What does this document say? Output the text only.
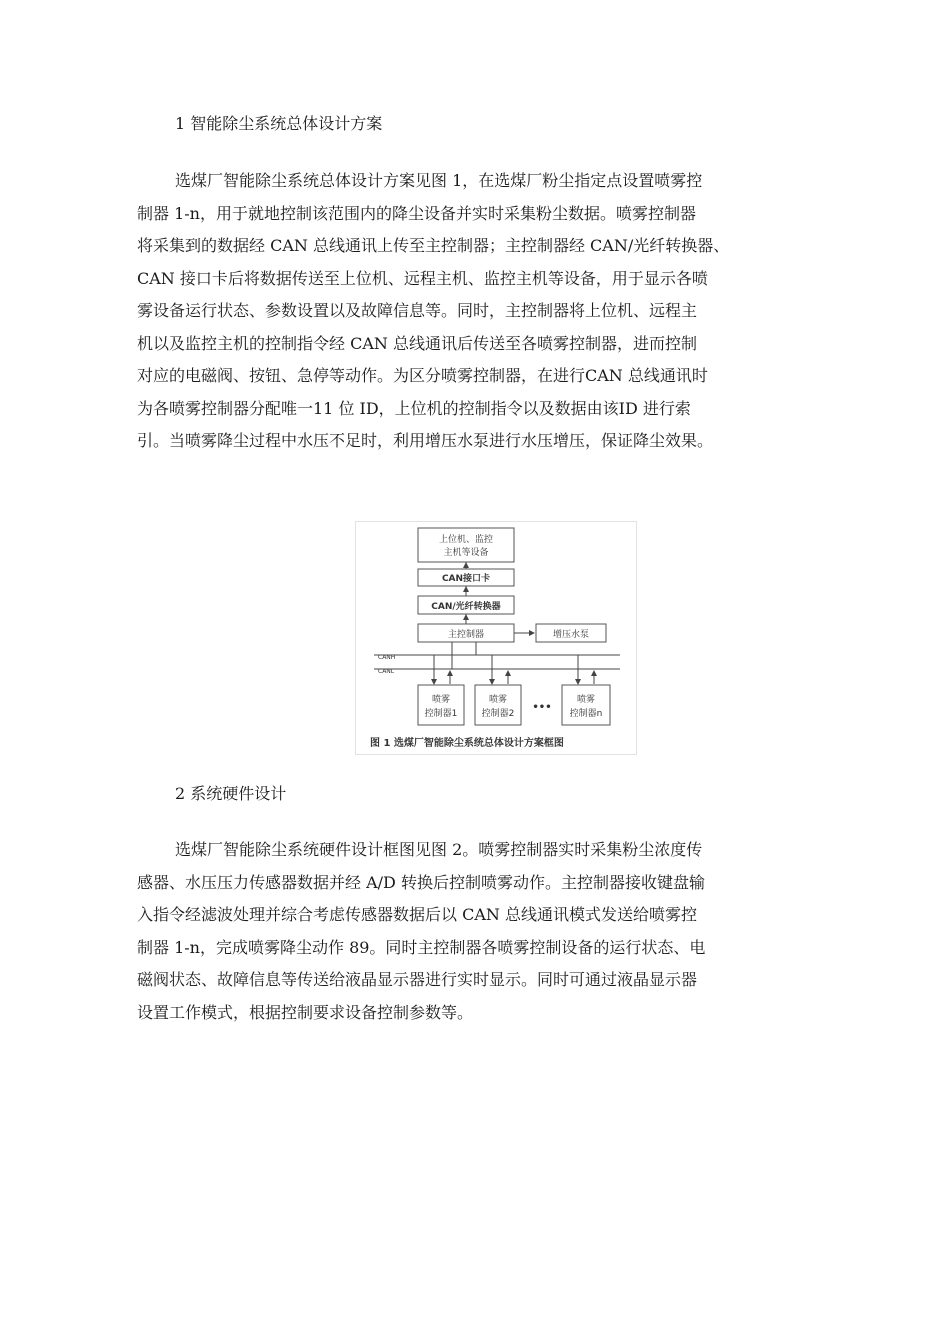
1 智能除尘系统总体设计方案
选煤厂智能除尘系统总体设计方案见图 1，在选煤厂粉尘指定点设置喷雾控
制器 1-n，用于就地控制该范围内的降尘设备并实时采集粉尘数据。喷雾控制器
将采集到的数据经 CAN 总线通讯上传至主控制器；主控制器经 CAN/光纤转换器、
CAN 接口卡后将数据传送至上位机、远程主机、监控主机等设备，用于显示各喷
雾设备运行状态、参数设置以及故障信息等。同时，主控制器将上位机、远程主
机以及监控主机的控制指令经 CAN 总线通讯后传送至各喷雾控制器，进而控制
对应的电磁阀、按钮、急停等动作。为区分喷雾控制器，在进行CAN 总线通讯时
为各喷雾控制器分配唯一11 位 ID，上位机的控制指令以及数据由该ID 进行索
引。当喷雾降尘过程中水压不足时，利用增压水泵进行水压增压，保证降尘效果。
上位机、监控
主机等设备
CAN接口卡
CAN/光纤转换器
主控制器	增压水泵
CANH
CANL
喷雾
控制器1
喷雾
控制器2
•••
喷雾
控制器n
图 1 选煤厂智能除尘系统总体设计方案框图
2 系统硬件设计
选煤厂智能除尘系统硬件设计框图见图 2。喷雾控制器实时采集粉尘浓度传
感器、水压压力传感器数据并经 A/D 转换后控制喷雾动作。主控制器接收键盘输
入指令经滤波处理并综合考虑传感器数据后以 CAN 总线通讯模式发送给喷雾控
制器 1-n，完成喷雾降尘动作 89。同时主控制器各喷雾控制设备的运行状态、电
磁阀状态、故障信息等传送给液晶显示器进行实时显示。同时可通过液晶显示器
设置工作模式，根据控制要求设备控制参数等。
